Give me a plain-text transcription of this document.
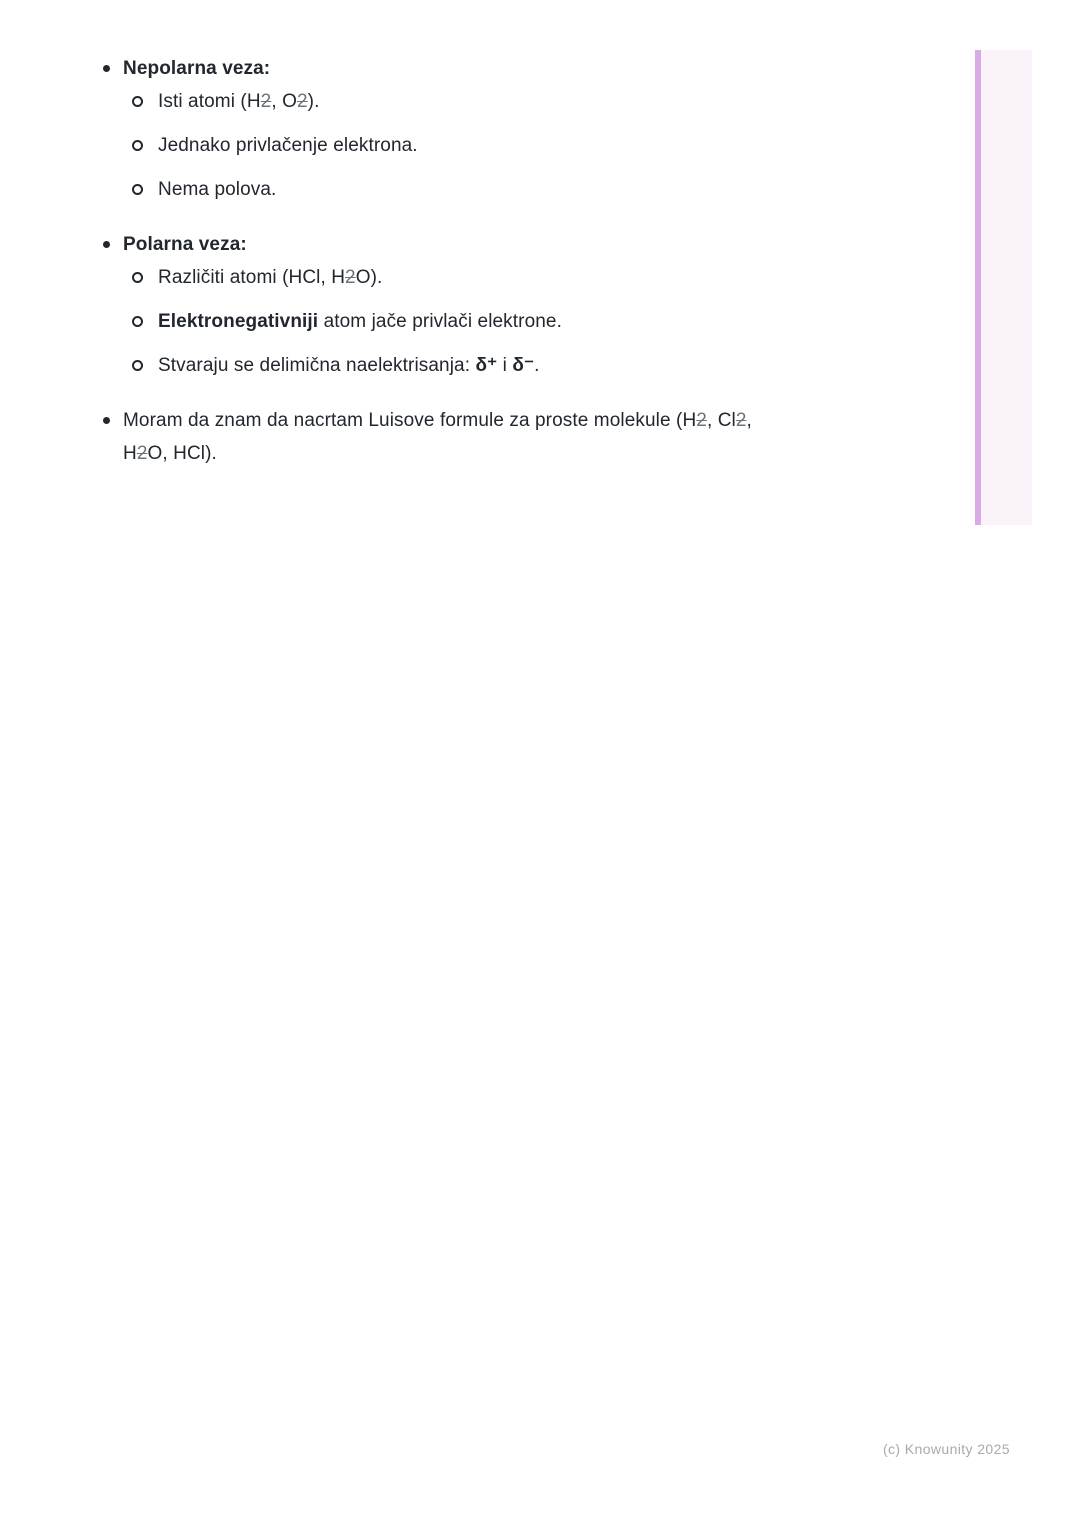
Nepolarna veza:
Isti atomi (H2, O2).
Jednako privlačenje elektrona.
Nema polova.
Polarna veza:
Različiti atomi (HCl, H2O).
Elektronegativniji atom jače privlači elektrone.
Stvaraju se delimična naelektrisanja: δ⁺ i δ⁻.
Moram da znam da nacrtam Luisove formule za proste molekule (H2, Cl2,
H2O, HCl).
(c) Knowunity 2025
